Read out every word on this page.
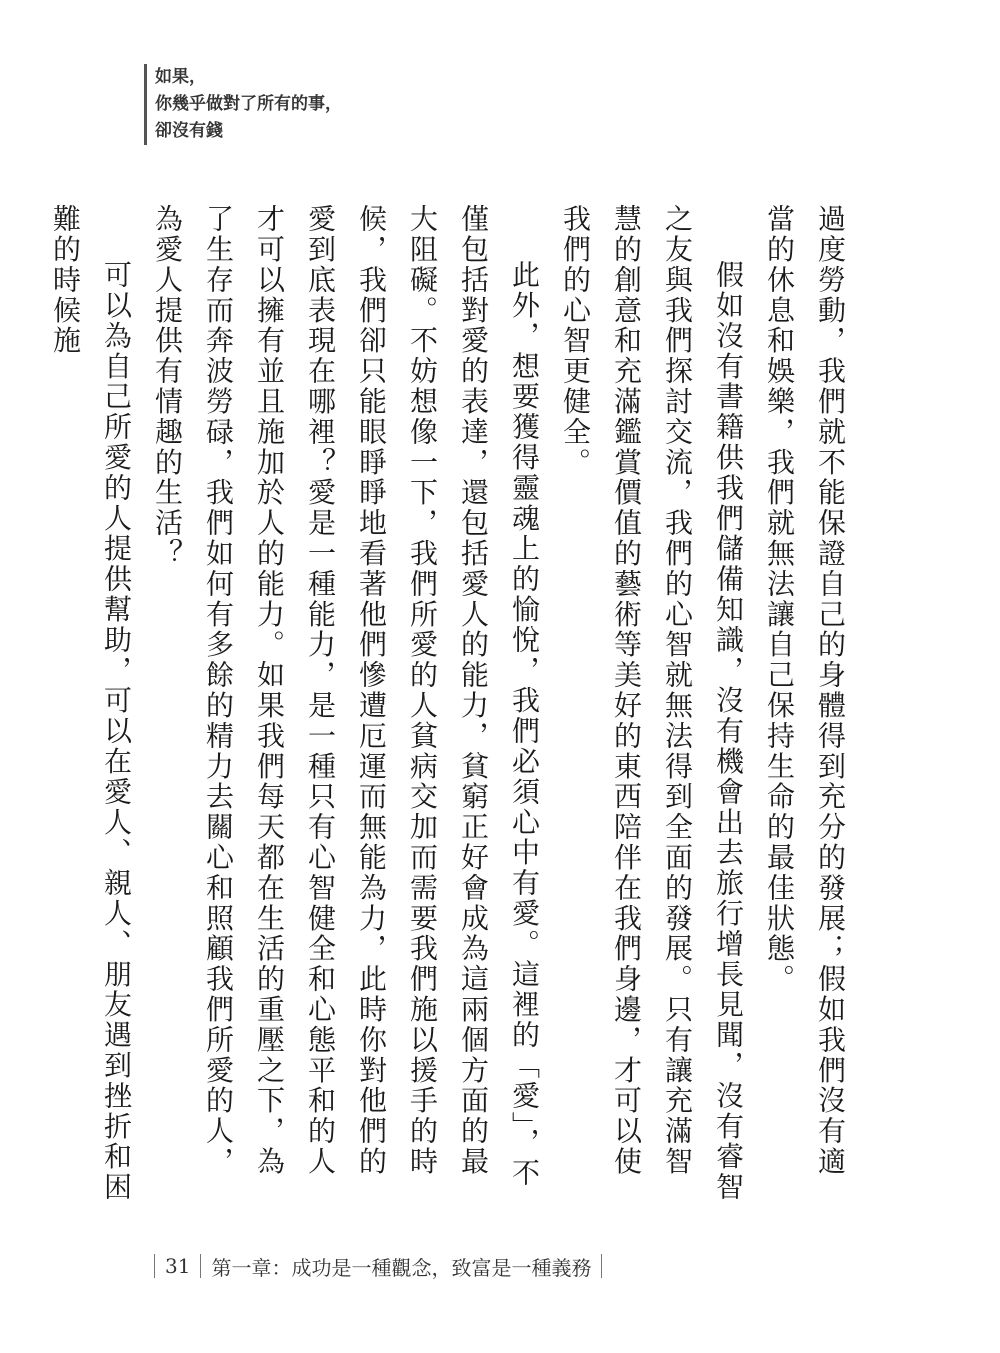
如果，
你幾乎做對了所有的事，
卻沒有錢

過度勞動，我們就不能保證自己的身體得到充分的發展；假如我們沒有適當的休息和娛樂，我們就無法讓自己保持生命的最佳狀態。

假如沒有書籍供我們儲備知識，沒有機會出去旅行增長見聞，沒有睿智之友與我們探討交流，我們的心智就無法得到全面的發展。只有讓充滿智慧的創意和充滿鑑賞價值的藝術等美好的東西陪伴在我們身邊，才可以使我們的心智更健全。

此外，想要獲得靈魂上的愉悅，我們必須心中有愛。這裡的「愛」，不僅包括對愛的表達，還包括愛人的能力，貧窮正好會成為這兩個方面的最大阻礙。不妨想像一下，我們所愛的人貧病交加而需要我們施以援手的時候，我們卻只能眼睜睜地看著他們慘遭厄運而無能為力，此時你對他們的愛到底表現在哪裡？愛是一種能力，是一種只有心智健全和心態平和的人才可以擁有並且施加於人的能力。如果我們每天都在生活的重壓之下，為了生存而奔波勞碌，我們如何有多餘的精力去關心和照顧我們所愛的人，為愛人提供有情趣的生活？

可以為自己所愛的人提供幫助，可以在愛人、親人、朋友遇到挫折和困難的時候施

31 第一章：成功是一種觀念，致富是一種義務
